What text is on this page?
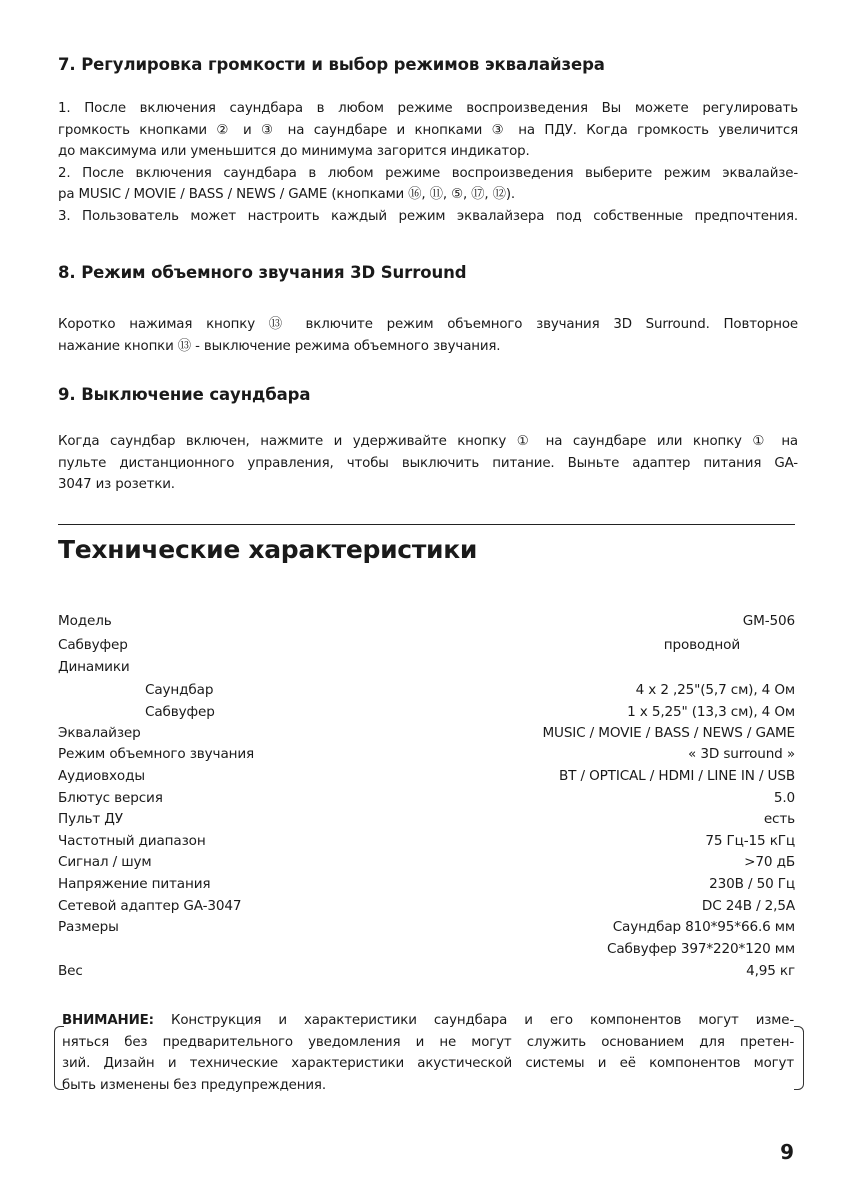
7. Регулировка громкости и выбор режимов эквалайзера
1. После включения саундбара в любом режиме воспроизведения Вы можете регулировать
громкость кнопками ② и ③ на саундбаре и кнопками ③ на ПДУ. Когда громкость увеличится
до максимума или уменьшится до минимума загорится индикатор.
2. После включения саундбара в любом режиме воспроизведения выберите режим эквалайзе-
ра MUSIC / MOVIE / BASS / NEWS / GAME (кнопками ⑯, ⑪, ⑤, ⑰, ⑫).
3. Пользователь может настроить каждый режим эквалайзера под собственные предпочтения.
8. Режим объемного звучания 3D Surround
Коротко нажимая кнопку ⑬ включите режим объемного звучания 3D Surround. Повторное
нажание кнопки ⑬ - выключение режима объемного звучания.
9. Выключение саундбара
Когда саундбар включен, нажмите и удерживайте кнопку ① на саундбаре или кнопку ① на
пульте дистанционного управления, чтобы выключить питание. Выньте адаптер питания GA-
3047 из розетки.
Технические характеристики
Модель	GM-506
Сабвуфер	проводной
Динамики
Саундбар	4 x 2 ,25"(5,7 см), 4 Ом
Сабвуфер	1 x 5,25" (13,3 см), 4 Ом
Эквалайзер	MUSIC / MOVIE / BASS / NEWS / GAME
Режим объемного звучания	« 3D surround »
Аудиовходы	BT / OPTICAL / HDMI / LINE IN / USB
Блютус версия	5.0
Пульт ДУ	есть
Частотный диапазон	75 Гц-15 кГц
Сигнал / шум	>70 дБ
Напряжение питания	230В / 50 Гц
Сетевой адаптер GA-3047	DC 24В / 2,5А
Размеры	Саундбар 810*95*66.6 мм
Сабвуфер 397*220*120 мм
Вес	4,95 кг
ВНИМАНИЕ: Конструкция и характеристики саундбара и его компонентов могут изме-
няться без предварительного уведомления и не могут служить основанием для претен-
зий. Дизайн и технические характеристики акустической системы и её компонентов могут
быть изменены без предупреждения.
9
